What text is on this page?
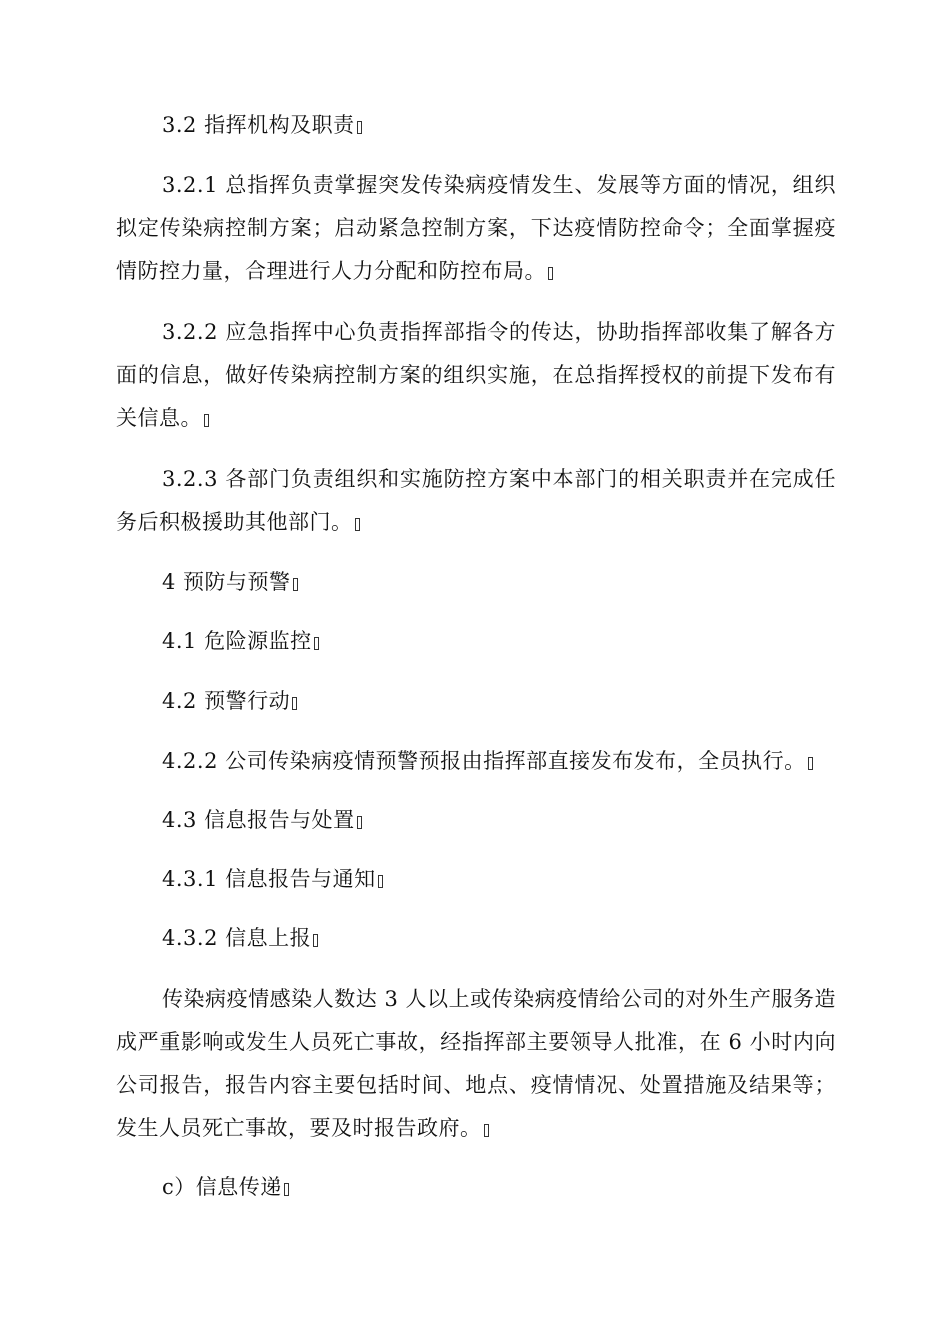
3.2 指挥机构及职责

3.2.1 总指挥负责掌握突发传染病疫情发生、发展等方面的情况，组织拟定传染病控制方案；启动紧急控制方案，下达疫情防控命令；全面掌握疫情防控力量，合理进行人力分配和防控布局。

3.2.2 应急指挥中心负责指挥部指令的传达，协助指挥部收集了解各方面的信息，做好传染病控制方案的组织实施，在总指挥授权的前提下发布有关信息。

3.2.3 各部门负责组织和实施防控方案中本部门的相关职责并在完成任务后积极援助其他部门。

4 预防与预警

4.1 危险源监控

4.2 预警行动

4.2.2 公司传染病疫情预警预报由指挥部直接发布发布，全员执行。

4.3 信息报告与处置

4.3.1 信息报告与通知

4.3.2 信息上报

传染病疫情感染人数达 3 人以上或传染病疫情给公司的对外生产服务造成严重影响或发生人员死亡事故，经指挥部主要领导人批准，在 6 小时内向公司报告，报告内容主要包括时间、地点、疫情情况、处置措施及结果等；发生人员死亡事故，要及时报告政府。

c）信息传递
